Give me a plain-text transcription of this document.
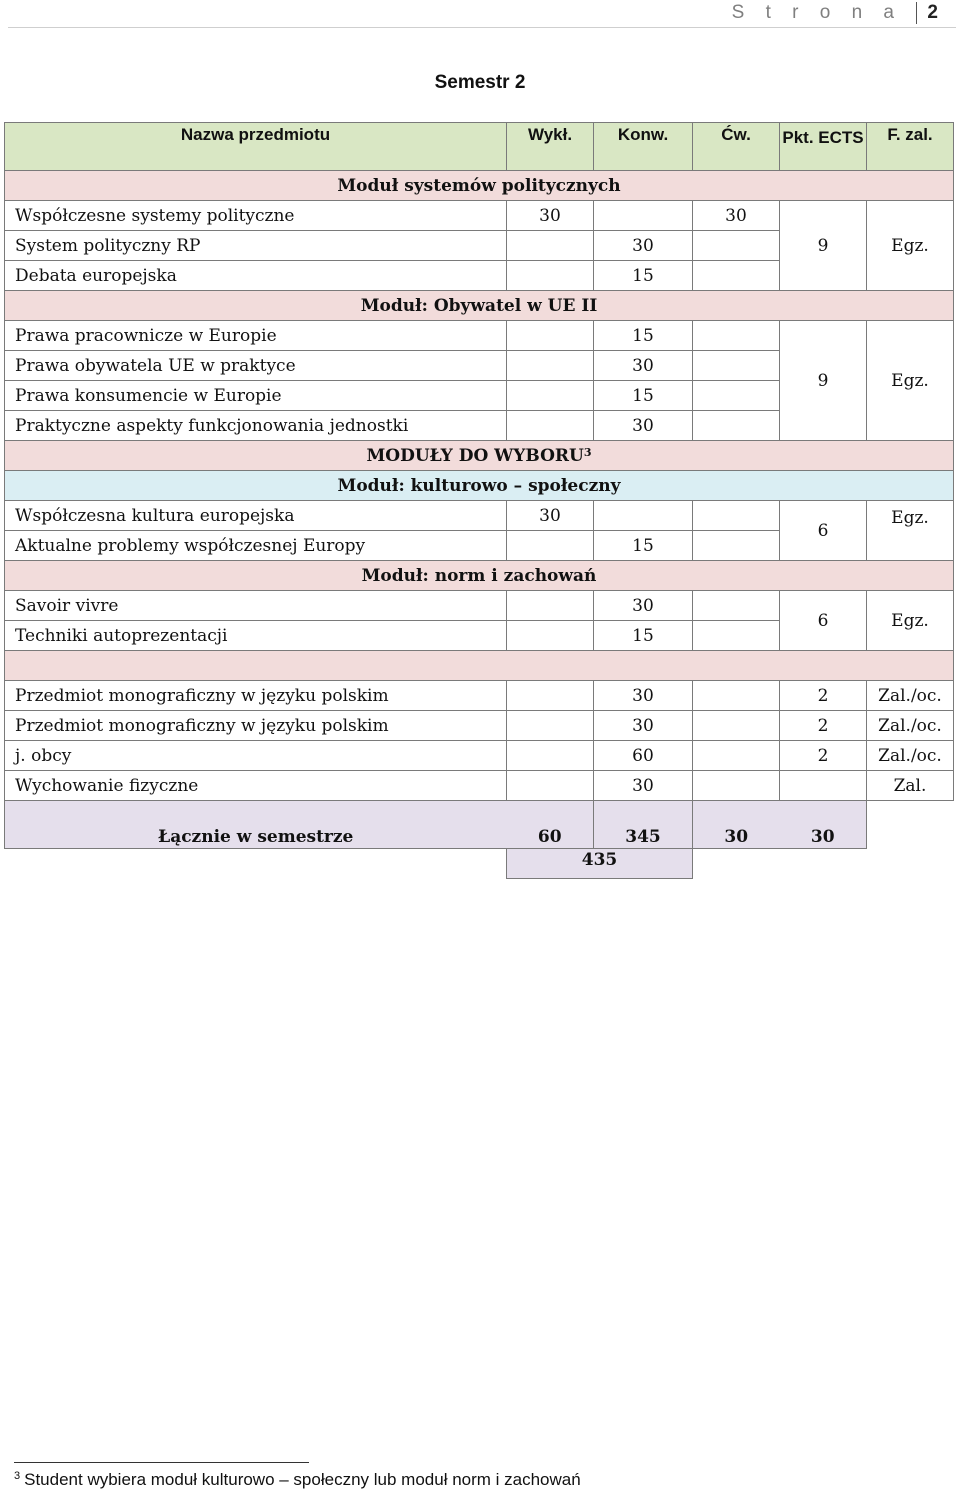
S t r o n a	2
Semestr 2
Nazwa przedmiotu	Wykł.	Konw.	Ćw.	Pkt. ECTS	F. zal.
Moduł systemów politycznych					
Współczesne systemy polityczne	30		30	9	Egz.
System polityczny RP		30			
Debata europejska		15			
Moduł: Obywatel w UE II					
Prawa pracownicze w Europie		15		9	Egz.
Prawa obywatela UE w praktyce		30			
Prawa konsumencie w Europie		15			
Praktyczne aspekty funkcjonowania jednostki		30			
MODUŁY DO WYBORU$^3$
Moduł: kulturowo – społeczny					
Współczesna kultura europejska	30			6	Egz.
Aktualne problemy współczesnej Europy		15			
Moduł: norm i zachowań					
Savoir vivre		30		6	Egz.
Techniki autoprezentacji		15			

Przedmiot monograficzny w języku polskim		30		2	Zal./oc.
Przedmiot monograficzny w języku polskim		30		2	Zal./oc.
j. obcy		60		2	Zal./oc.
Wychowanie fizyczne		30			Zal.
Łącznie w semestrze	60	345	30	30	
	435				
$^3$ Student wybiera moduł kulturowo – społeczny lub moduł norm i zachowań
